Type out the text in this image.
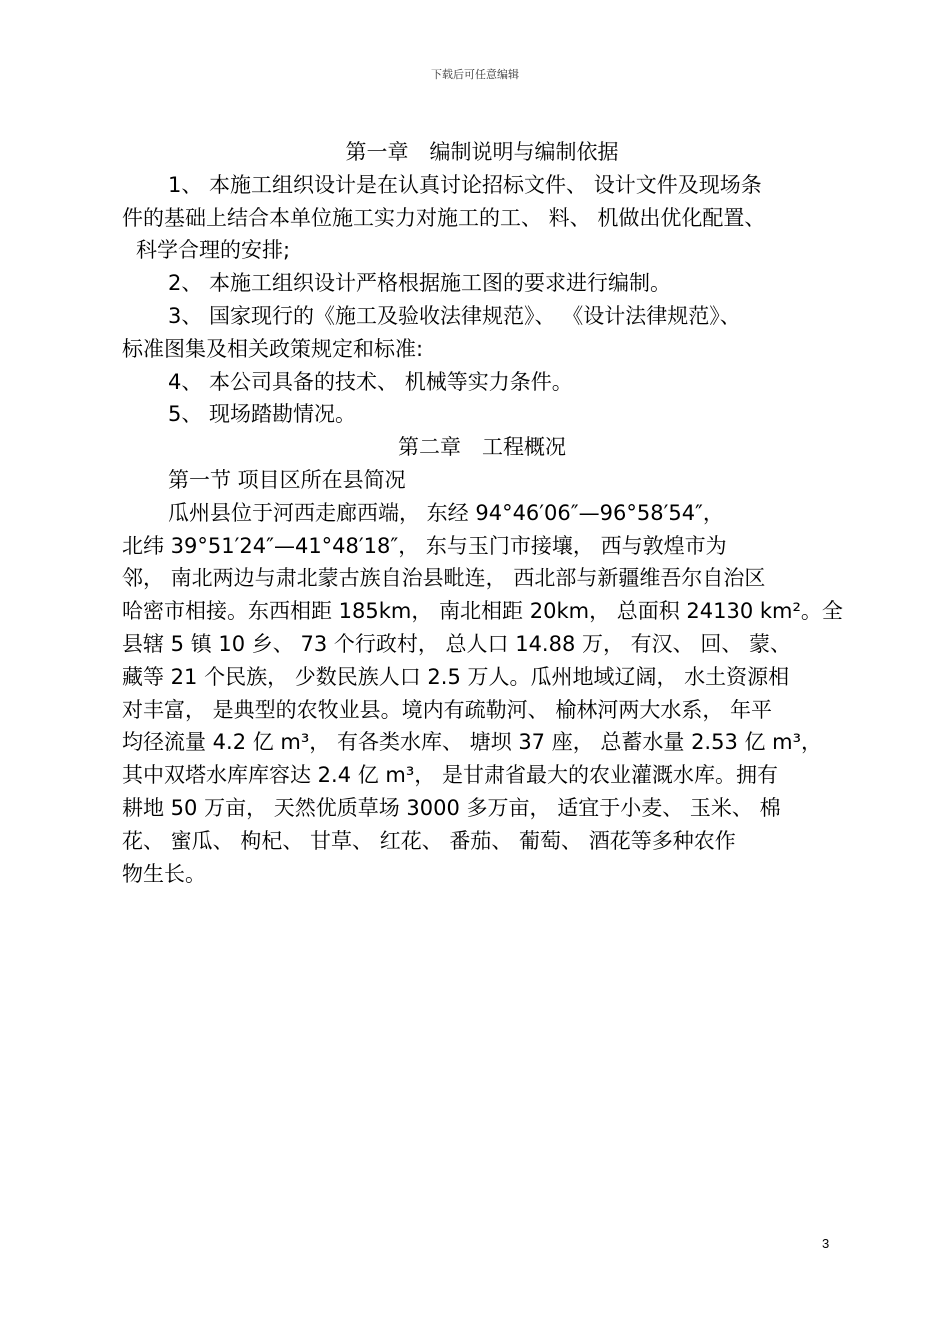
下载后可任意编辑
第一章　编制说明与编制依据
1、 本施工组织设计是在认真讨论招标文件、 设计文件及现场条
件的基础上结合本单位施工实力对施工的工、 料、 机做出优化配置、
科学合理的安排;
2、 本施工组织设计严格根据施工图的要求进行编制。
3、 国家现行的《施工及验收法律规范》、 《设计法律规范》、
标准图集及相关政策规定和标准:
4、 本公司具备的技术、 机械等实力条件。
5、 现场踏勘情况。
第二章　工程概况
第一节 项目区所在县简况
瓜州县位于河西走廊西端， 东经 94°46′06″—96°58′54″，
北纬 39°51′24″—41°48′18″， 东与玉门市接壤， 西与敦煌市为
邻， 南北两边与肃北蒙古族自治县毗连， 西北部与新疆维吾尔自治区
哈密市相接。东西相距 185km， 南北相距 20km， 总面积 24130 km²。全
县辖 5 镇 10 乡、 73 个行政村， 总人口 14.88 万， 有汉、 回、 蒙、
藏等 21 个民族， 少数民族人口 2.5 万人。瓜州地域辽阔， 水土资源相
对丰富， 是典型的农牧业县。境内有疏勒河、 榆林河两大水系， 年平
均径流量 4.2 亿 m³， 有各类水库、 塘坝 37 座， 总蓄水量 2.53 亿 m³，
其中双塔水库库容达 2.4 亿 m³， 是甘肃省最大的农业灌溉水库。拥有
耕地 50 万亩， 天然优质草场 3000 多万亩， 适宜于小麦、 玉米、 棉
花、 蜜瓜、 枸杞、 甘草、 红花、 番茄、 葡萄、 酒花等多种农作
物生长。
3
